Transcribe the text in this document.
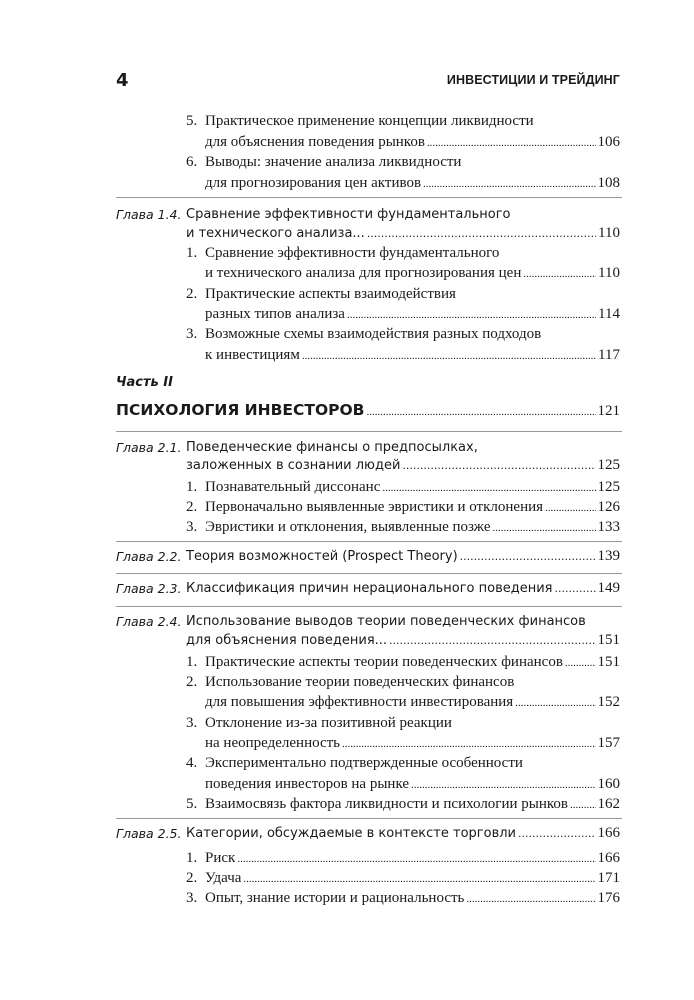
4	ИНВЕСТИЦИИ И ТРЕЙДИНГ
5. Практическое применение концепции ликвидности
для объяснения поведения рынков .....	106
6. Выводы: значение анализа ликвидности
для прогнозирования цен активов .....	108
Глава 1.4. Сравнение эффективности фундаментального
и технического анализа... .....	110
1. Сравнение эффективности фундаментального
и технического анализа для прогнозирования цен .....	110
2. Практические аспекты взаимодействия
разных типов анализа .....	114
3. Возможные схемы взаимодействия разных подходов
к инвестициям .....	117
Часть II
ПСИХОЛОГИЯ ИНВЕСТОРОВ .....	121
Глава 2.1. Поведенческие финансы о предпосылках,
заложенных в сознании людей .....	125
1. Познавательный диссонанс .....	125
2. Первоначально выявленные эвристики и отклонения .....	126
3. Эвристики и отклонения, выявленные позже .....	133
Глава 2.2. Теория возможностей (Prospect Theory) .....	139
Глава 2.3. Классификация причин нерационального поведения .....	149
Глава 2.4. Использование выводов теории поведенческих финансов
для объяснения поведения... .....	151
1. Практические аспекты теории поведенческих финансов ..... 151
2. Использование теории поведенческих финансов
для повышения эффективности инвестирования .....	152
3. Отклонение из-за позитивной реакции
на неопределенность .....	157
4. Экспериментально подтвержденные особенности
поведения инвесторов на рынке .....	160
5. Взаимосвязь фактора ликвидности и психологии рынков ..... 162
Глава 2.5. Категории, обсуждаемые в контексте торговли .....	166
1. Риск .....	166
2. Удача .....	171
3. Опыт, знание истории и рациональность .....	176
